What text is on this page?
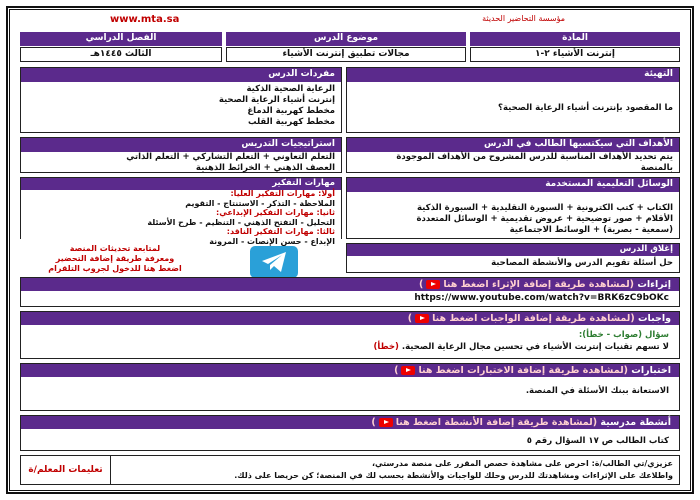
www.mta.sa	مؤسسة التحاضير الحديثة
المادة
موضوع الدرس
الفصل الدراسي
إنترنت الأشياء ٢-١
مجالات تطبيق إنترنت الأشياء
الثالث ١٤٤٥هـ
التهيئة
ما المقصود بإنترنت أشياء الرعاية الصحية؟
مفردات الدرس
الرعاية الصحية الذكية
إنترنت أشياء الرعاية الصحية
مخطط كهربية الدماغ
مخطط كهربية القلب
الأهداف التي سيكتسبها الطالب في الدرس
يتم تحديد الأهداف المناسبة للدرس المشروح من الأهداف الموجودة
بالمنصة
استراتيجيات التدريس
التعلم التعاوني + التعلم التشاركي + التعلم الذاتي
العصف الذهني + الخرائط الذهنية
الوسائل التعليمية المستخدمة
الكتاب + كتب الكترونية + السبورة التقليدية + السبورة الذكية
الأقلام + صور توضيحية + عروض تقديمية + الوسائل المتعددة
(سمعية - بصرية) + الوسائط الاجتماعية
مهارات التفكير
أولا: مهارات التفكير العليا:
الملاحظة - التذكر - الاستنتاج - التقويم
ثانيا: مهارات التفكير الإبداعي:
التحليل - التفتح الذهني - التنظيم - طرح الأسئلة
ثالثا: مهارات التفكير الناقد:
الإبداع - حسن الإنصات - المرونة
لمتابعة تحديثات المنصة
ومعرفة طريقة إضافة التحضير
اضغط هنا للدخول لجروب التلقرام
إغلاق الدرس
حل أسئلة تقويم الدرس والأنشطة المصاحبة
إثراءات (لمشاهدة طريقة إضافة الإثراء اضغط هنا)
https://www.youtube.com/watch?v=BRK6zC9bOKc
واجبات (لمشاهدة طريقة إضافة الواجبات اضغط هنا)
سؤال (صواب - خطأ):
لا تسهم تقنيات إنترنت الأشياء في تحسين مجال الرعاية الصحية. (خطأ)
اختبارات (لمشاهدة طريقة إضافة الاختبارات اضغط هنا)
الاستعانة ببنك الأسئلة في المنصة.
أنشطة مدرسية (لمشاهدة طريقة إضافة الأنشطة اضغط هنا)
كتاب الطالب ص ١٧ السؤال رقم ٥
تعليمات المعلم/ة
عزيزي/تي الطالب/ة: احرص على مشاهدة حصص المقرر على منصة مدرستي،
واطلاعك على الإثراءات ومشاهدتك للدرس وحلك للواجبات والأنشطة بحسب لك في المنصة؛ كن حريصا على ذلك.
